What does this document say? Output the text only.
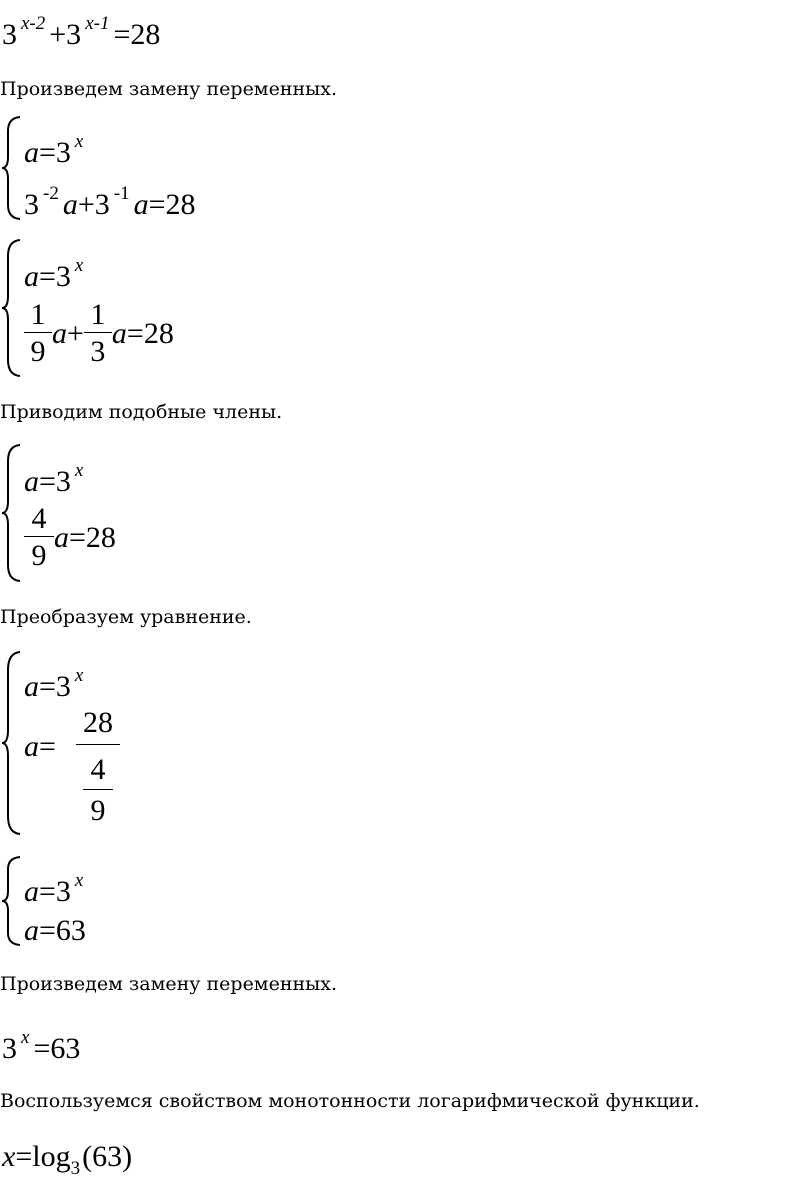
3 $^{x-2}$ +3 $^{x-1}$ =28
Произведем замену переменных.
a=3 $^x$
3 $^{-2}$ a+3 $^{-1}$ a=28
a=3 $^x$
$\frac{1}{9}$ $a + \frac{1}{3}$ a =28
Приводим подобные члены.
a=3 $^x$
$\frac{4}{9}$ a =28
Преобразуем уравнение.
a=3 $^x$
a=
28
4
9
a=3 $^x$
a=63
Произведем замену переменных.
3 $^x$ =63
Воспользуемся свойством монотонности логарифмической функции.
$x=\log_3(63)$
